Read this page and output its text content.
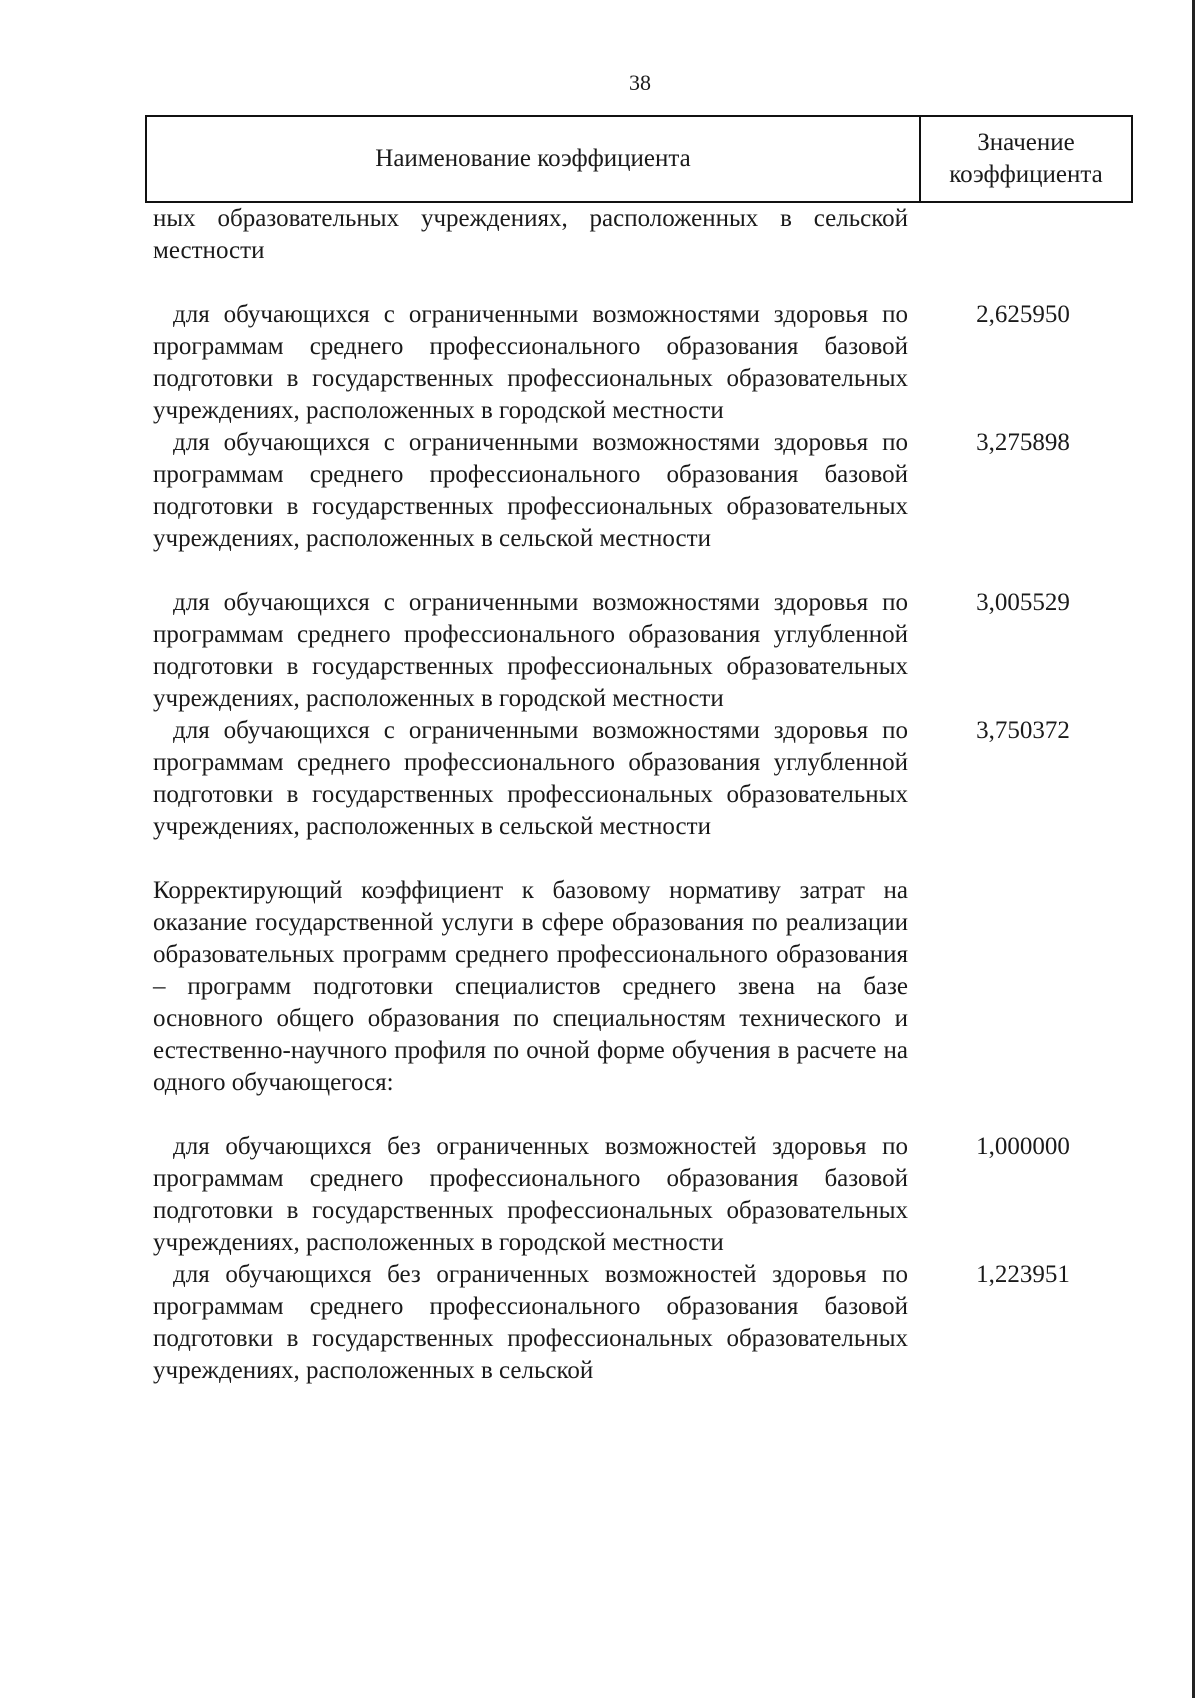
38
Наименование коэффициента
Значение коэффициента
ных образовательных учреждениях, расположенных в сельской местности
для обучающихся с ограниченными возможностями здоровья по программам среднего профессионального образования базовой подготовки в государственных профессиональных образовательных учреждениях, расположенных в городской местности
2,625950
для обучающихся с ограниченными возможностями здоровья по программам среднего профессионального образования базовой подготовки в государственных профессиональных образовательных учреждениях, расположенных в сельской местности
3,275898
для обучающихся с ограниченными возможностями здоровья по программам среднего профессионального образования углубленной подготовки в государственных профессиональных образовательных учреждениях, расположенных в городской местности
3,005529
для обучающихся с ограниченными возможностями здоровья по программам среднего профессионального образования углубленной подготовки в государственных профессиональных образовательных учреждениях, расположенных в сельской местности
3,750372
Корректирующий коэффициент к базовому нормативу затрат на оказание государственной услуги в сфере образования по реализации образовательных программ среднего профессионального образования – программ подготовки специалистов среднего звена на базе основного общего образования по специальностям технического и естественно-научного профиля по очной форме обучения в расчете на одного обучающегося:
для обучающихся без ограниченных возможностей здоровья по программам среднего профессионального образования базовой подготовки в государственных профессиональных образовательных учреждениях, расположенных в городской местности
1,000000
для обучающихся без ограниченных возможностей здоровья по программам среднего профессионального образования базовой подготовки в государственных профессиональных образовательных учреждениях, расположенных в сельской
1,223951
